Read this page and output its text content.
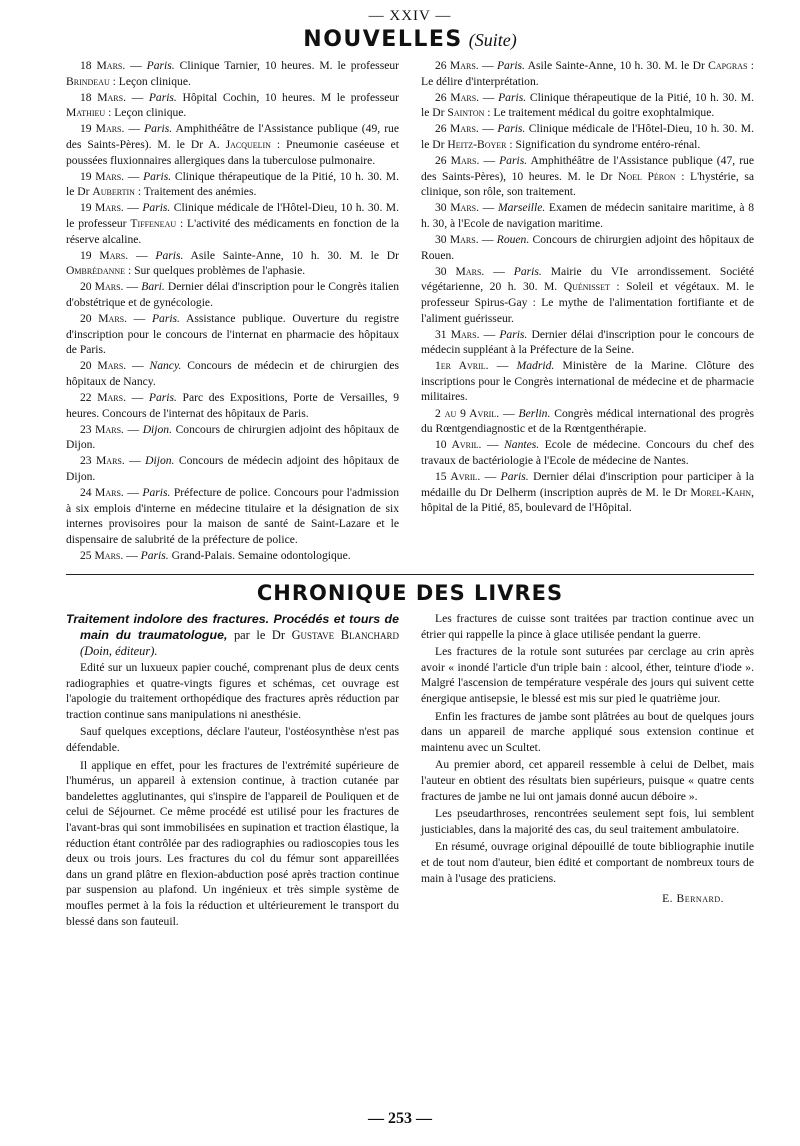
— XXIV —
NOUVELLES (Suite)

18 Mars. — Paris. Clinique Tarnier, 10 heures. M. le professeur Brindeau : Leçon clinique.

18 Mars. — Paris. Hôpital Cochin, 10 heures. M le professeur Mathieu : Leçon clinique.

19 Mars. — Paris. Amphithéâtre de l'Assistance publique (49, rue des Saints-Pères). M. le Dr A. Jacquelin : Pneumonie caséeuse et poussées fluxionnaires allergiques dans la tuberculose pulmonaire.

19 Mars. — Paris. Clinique thérapeutique de la Pitié, 10 h. 30. M. le Dr Aubertin : Traitement des anémies.

19 Mars. — Paris. Clinique médicale de l'Hôtel-Dieu, 10 h. 30. M. le professeur Tiffeneau : L'activité des médicaments en fonction de la réserve alcaline.

19 Mars. — Paris. Asile Sainte-Anne, 10 h. 30. M. le Dr Ombrédanne : Sur quelques problèmes de l'aphasie.

20 Mars. — Bari. Dernier délai d'inscription pour le Congrès italien d'obstétrique et de gynécologie.

20 Mars. — Paris. Assistance publique. Ouverture du registre d'inscription pour le concours de l'internat en pharmacie des hôpitaux de Paris.

20 Mars. — Nancy. Concours de médecin et de chirurgien des hôpitaux de Nancy.

22 Mars. — Paris. Parc des Expositions, Porte de Versailles, 9 heures. Concours de l'internat des hôpitaux de Paris.

23 Mars. — Dijon. Concours de chirurgien adjoint des hôpitaux de Dijon.

23 Mars. — Dijon. Concours de médecin adjoint des hôpitaux de Dijon.

24 Mars. — Paris. Préfecture de police. Concours pour l'admission à six emplois d'interne en médecine titulaire et la désignation de six internes provisoires pour la maison de santé de Saint-Lazare et le dispensaire de salubrité de la préfecture de police.

25 Mars. — Paris. Grand-Palais. Semaine odontologique.

26 Mars. — Paris. Asile Sainte-Anne, 10 h. 30. M. le Dr Capgras : Le délire d'interprétation.

26 Mars. — Paris. Clinique thérapeutique de la Pitié, 10 h. 30. M. le Dr Sainton : Le traitement médical du goitre exophtalmique.

26 Mars. — Paris. Clinique médicale de l'Hôtel-Dieu, 10 h. 30. M. le Dr Heitz-Boyer : Signification du syndrome entéro-rénal.

26 Mars. — Paris. Amphithéâtre de l'Assistance publique (47, rue des Saints-Pères), 10 heures. M. le Dr Noel Péron : L'hystérie, sa clinique, son rôle, son traitement.

30 Mars. — Marseille. Examen de médecin sanitaire maritime, à 8 h. 30, à l'Ecole de navigation maritime.

30 Mars. — Rouen. Concours de chirurgien adjoint des hôpitaux de Rouen.

30 Mars. — Paris. Mairie du VIe arrondissement. Société végétarienne, 20 h. 30. M. Quénisset : Soleil et végétaux. M. le professeur Spirus-Gay : Le mythe de l'alimentation fortifiante et de l'aliment guérisseur.

31 Mars. — Paris. Dernier délai d'inscription pour le concours de médecin suppléant à la Préfecture de la Seine.

1er Avril. — Madrid. Ministère de la Marine. Clôture des inscriptions pour le Congrès international de médecine et de pharmacie militaires.

2 au 9 Avril. — Berlin. Congrès médical international des progrès du Rœntgendiagnostic et de la Rœntgenthérapie.

10 Avril. — Nantes. Ecole de médecine. Concours du chef des travaux de bactériologie à l'Ecole de médecine de Nantes.

15 Avril. — Paris. Dernier délai d'inscription pour participer à la médaille du Dr Delherm (inscription auprès de M. le Dr Morel-Kahn, hôpital de la Pitié, 85, boulevard de l'Hôpital.

CHRONIQUE DES LIVRES
Traitement indolore des fractures. Procédés et tours de main du traumatologue, par le Dr Gustave Blanchard (Doin, éditeur).

Edité sur un luxueux papier couché, comprenant plus de deux cents radiographies et quatre-vingts figures et schémas, cet ouvrage est l'apologie du traitement orthopédique des fractures après réduction par traction continue sans manipulations ni anesthésie.

Sauf quelques exceptions, déclare l'auteur, l'ostéosynthèse n'est pas défendable.

Il applique en effet, pour les fractures de l'extrémité supérieure de l'humérus, un appareil à extension continue, à traction cutanée par bandelettes agglutinantes, qui s'inspire de l'appareil de Pouliquen et de celui de Séjournet. Ce même procédé est utilisé pour les fractures de l'avant-bras qui sont immobilisées en supination et traction élastique, la réduction étant contrôlée par des radiographies ou radioscopies tous les deux ou trois jours. Les fractures du col du fémur sont appareillées dans un grand plâtre en flexion-abduction posé après traction continue par suspension au plafond. Un ingénieux et très simple système de moufles permet à la fois la réduction et ultérieurement le transport du blessé dans son fauteuil.

Les fractures de cuisse sont traitées par traction continue avec un étrier qui rappelle la pince à glace utilisée pendant la guerre.

Les fractures de la rotule sont suturées par cerclage au crin après avoir « inondé l'article d'un triple bain : alcool, éther, teinture d'iode ». Malgré l'ascension de température vespérale des jours qui suivent cette énergique antisepsie, le blessé est mis sur pied le quatrième jour.

Enfin les fractures de jambe sont plâtrées au bout de quelques jours dans un appareil de marche appliqué sous extension continue et maintenu avec un Scultet.

Au premier abord, cet appareil ressemble à celui de Delbet, mais l'auteur en obtient des résultats bien supérieurs, puisque « quatre cents fractures de jambe ne lui ont jamais donné aucun déboire ».

Les pseudarthroses, rencontrées seulement sept fois, lui semblent justiciables, dans la majorité des cas, du seul traitement ambulatoire.

En résumé, ouvrage original dépouillé de toute bibliographie inutile et de tout nom d'auteur, bien édité et comportant de nombreux tours de main à l'usage des praticiens.

E. Bernard.
— 253 —
